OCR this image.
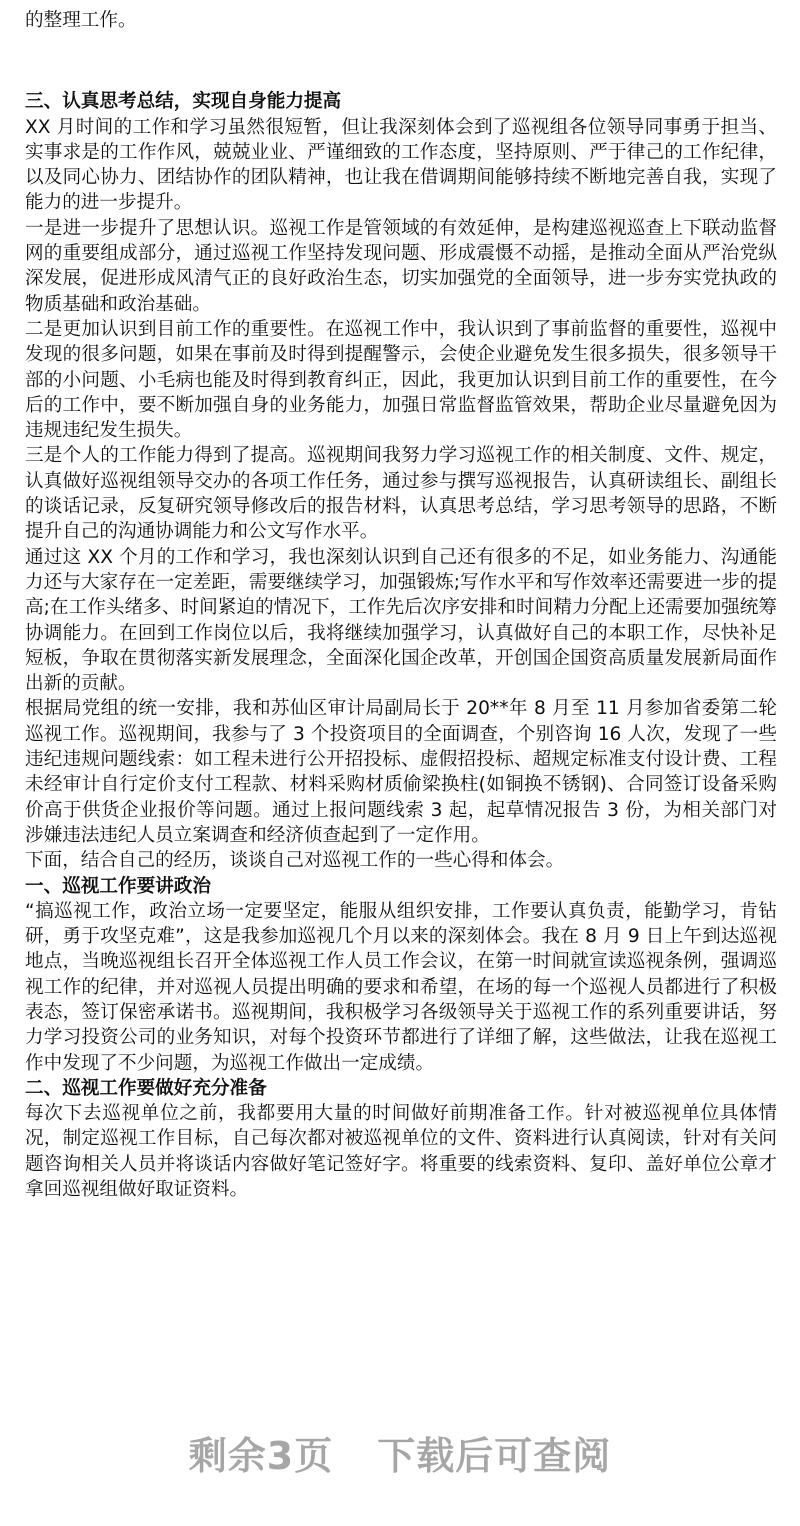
的整理工作。

三、认真思考总结，实现自身能力提高

XX 月时间的工作和学习虽然很短暂，但让我深刻体会到了巡视组各位领导同事勇于担当、实事求是的工作作风，兢兢业业、严谨细致的工作态度，坚持原则、严于律己的工作纪律，以及同心协力、团结协作的团队精神，也让我在借调期间能够持续不断地完善自我，实现了能力的进一步提升。

一是进一步提升了思想认识。巡视工作是管领域的有效延伸，是构建巡视巡查上下联动监督网的重要组成部分，通过巡视工作坚持发现问题、形成震慑不动摇，是推动全面从严治党纵深发展，促进形成风清气正的良好政治生态，切实加强党的全面领导，进一步夯实党执政的物质基础和政治基础。

二是更加认识到目前工作的重要性。在巡视工作中，我认识到了事前监督的重要性，巡视中发现的很多问题，如果在事前及时得到提醒警示，会使企业避免发生很多损失，很多领导干部的小问题、小毛病也能及时得到教育纠正，因此，我更加认识到目前工作的重要性，在今后的工作中，要不断加强自身的业务能力，加强日常监督监管效果，帮助企业尽量避免因为违规违纪发生损失。

三是个人的工作能力得到了提高。巡视期间我努力学习巡视工作的相关制度、文件、规定，认真做好巡视组领导交办的各项工作任务，通过参与撰写巡视报告，认真研读组长、副组长的谈话记录，反复研究领导修改后的报告材料，认真思考总结，学习思考领导的思路，不断提升自己的沟通协调能力和公文写作水平。

通过这 XX 个月的工作和学习，我也深刻认识到自己还有很多的不足，如业务能力、沟通能力还与大家存在一定差距，需要继续学习，加强锻炼;写作水平和写作效率还需要进一步的提高;在工作头绪多、时间紧迫的情况下，工作先后次序安排和时间精力分配上还需要加强统筹协调能力。在回到工作岗位以后，我将继续加强学习，认真做好自己的本职工作，尽快补足短板，争取在贯彻落实新发展理念，全面深化国企改革，开创国企国资高质量发展新局面作出新的贡献。

根据局党组的统一安排，我和苏仙区审计局副局长于 20**年 8 月至 11 月参加省委第二轮巡视工作。巡视期间，我参与了 3 个投资项目的全面调查，个别咨询 16 人次，发现了一些违纪违规问题线索：如工程未进行公开招投标、虚假招投标、超规定标准支付设计费、工程未经审计自行定价支付工程款、材料采购材质偷梁换柱(如铜换不锈钢)、合同签订设备采购价高于供货企业报价等问题。通过上报问题线索 3 起，起草情况报告 3 份，为相关部门对涉嫌违法违纪人员立案调查和经济侦查起到了一定作用。

下面，结合自己的经历，谈谈自己对巡视工作的一些心得和体会。

一、巡视工作要讲政治

“搞巡视工作，政治立场一定要坚定，能服从组织安排，工作要认真负责，能勤学习，肯钻研，勇于攻坚克难”，这是我参加巡视几个月以来的深刻体会。我在 8 月 9 日上午到达巡视地点，当晚巡视组长召开全体巡视工作人员工作会议，在第一时间就宣读巡视条例，强调巡视工作的纪律，并对巡视人员提出明确的要求和希望，在场的每一个巡视人员都进行了积极表态，签订保密承诺书。巡视期间，我积极学习各级领导关于巡视工作的系列重要讲话，努力学习投资公司的业务知识，对每个投资环节都进行了详细了解，这些做法，让我在巡视工作中发现了不少问题，为巡视工作做出一定成绩。

二、巡视工作要做好充分准备

每次下去巡视单位之前，我都要用大量的时间做好前期准备工作。针对被巡视单位具体情况，制定巡视工作目标，自己每次都对被巡视单位的文件、资料进行认真阅读，针对有关问题咨询相关人员并将谈话内容做好笔记签好字。将重要的线索资料、复印、盖好单位公章才拿回巡视组做好取证资料。

剩余3页 下载后可查阅
